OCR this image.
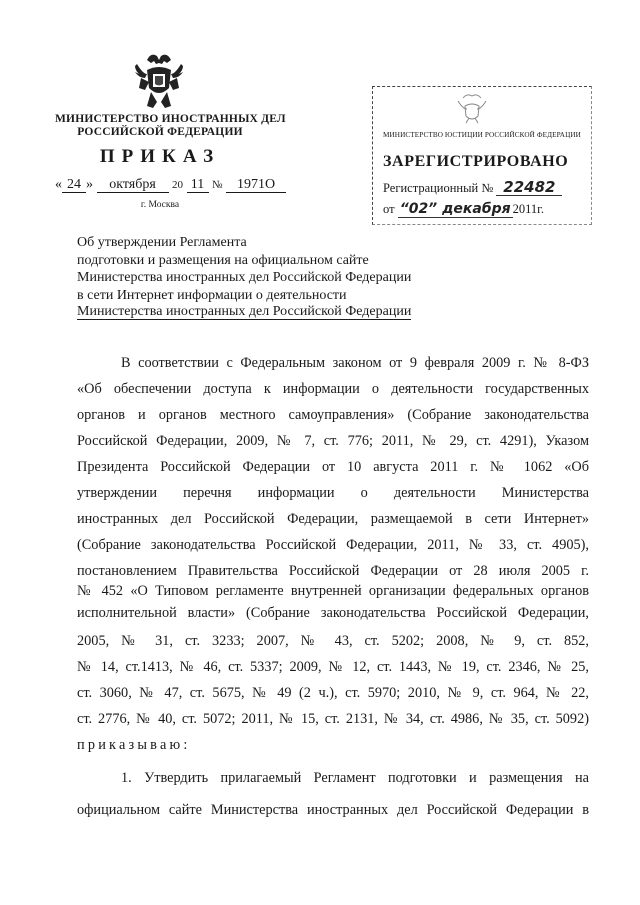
МИНИСТЕРСТВО ИНОСТРАННЫХ ДЕЛ
РОССИЙСКОЙ ФЕДЕРАЦИИ
ПРИКАЗ
« 24 » октября 20 11 № 1971О
г. Москва
МИНИСТЕРСТВО ЮСТИЦИИ РОССИЙСКОЙ ФЕДЕРАЦИИ
ЗАРЕГИСТРИРОВАНО
Регистрационный № 22482
от “02” декабря 2011г.
Об утверждении Регламента
подготовки и размещения на официальном сайте
Министерства иностранных дел Российской Федерации
в сети Интернет информации о деятельности
Министерства иностранных дел Российской Федерации
В соответствии с Федеральным законом от 9 февраля 2009 г. № 8-ФЗ
«Об обеспечении доступа к информации о деятельности государственных
органов и органов местного самоуправления» (Собрание законодательства
Российской Федерации, 2009, № 7, ст. 776; 2011, № 29, ст. 4291), Указом
Президента Российской Федерации от 10 августа 2011 г. № 1062 «Об
утверждении перечня информации о деятельности Министерства
иностранных дел Российской Федерации, размещаемой в сети Интернет»
(Собрание законодательства Российской Федерации, 2011, № 33, ст. 4905),
постановлением Правительства Российской Федерации от 28 июля 2005 г.
№ 452 «О Типовом регламенте внутренней организации федеральных органов
исполнительной власти» (Собрание законодательства Российской Федерации,
2005, № 31, ст. 3233; 2007, № 43, ст. 5202; 2008, № 9, ст. 852,
№ 14, ст.1413, № 46, ст. 5337; 2009, № 12, ст. 1443, № 19, ст. 2346, № 25,
ст. 3060, № 47, ст. 5675, № 49 (2 ч.), ст. 5970; 2010, № 9, ст. 964, № 22,
ст. 2776, № 40, ст. 5072; 2011, № 15, ст. 2131, № 34, ст. 4986, № 35, ст. 5092)
приказываю:
1. Утвердить прилагаемый Регламент подготовки и размещения на
официальном сайте Министерства иностранных дел Российской Федерации в
